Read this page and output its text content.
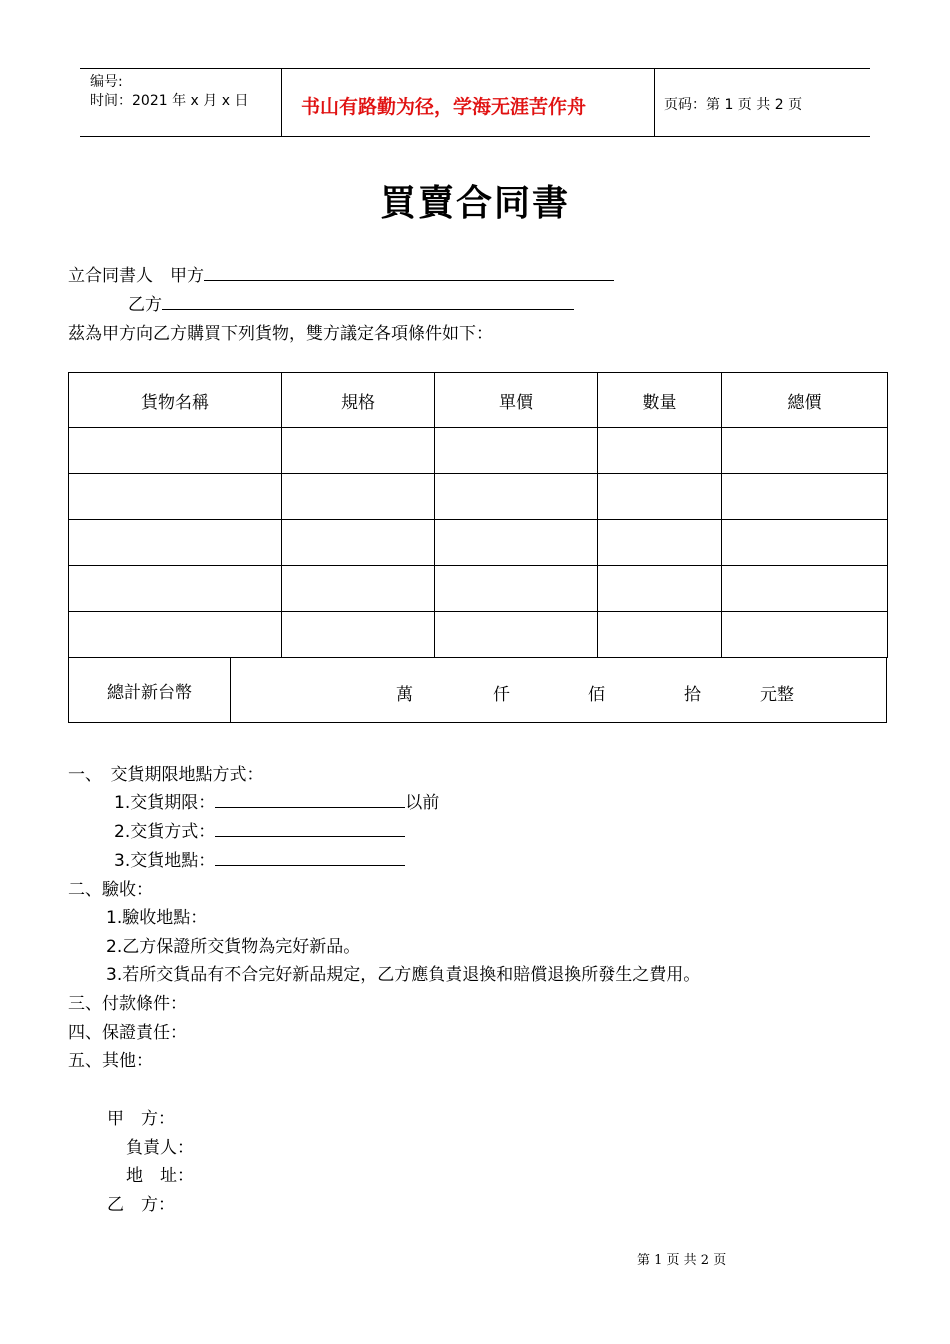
编号:
时间：2021 年 x 月 x 日	书山有路勤为径，学海无涯苦作舟	页码：第 1 页 共 2 页
買賣合同書
立合同書人　甲方
乙方
茲為甲方向乙方購買下列貨物，雙方議定各項條件如下：
貨物名稱	規格	單價	數量	總價

總計新台幣	萬	仟	佰	拾	元整
一、　交貨期限地點方式：
1.交貨期限：	以前
2.交貨方式：
3.交貨地點：
二、驗收：
1.驗收地點：
2.乙方保證所交貨物為完好新品。
3.若所交貨品有不合完好新品規定，乙方應負責退換和賠償退換所發生之費用。
三、付款條件：
四、保證責任：
五、其他：
甲　方：
負責人：
地　址：
乙　方：
第 1 页 共 2 页
